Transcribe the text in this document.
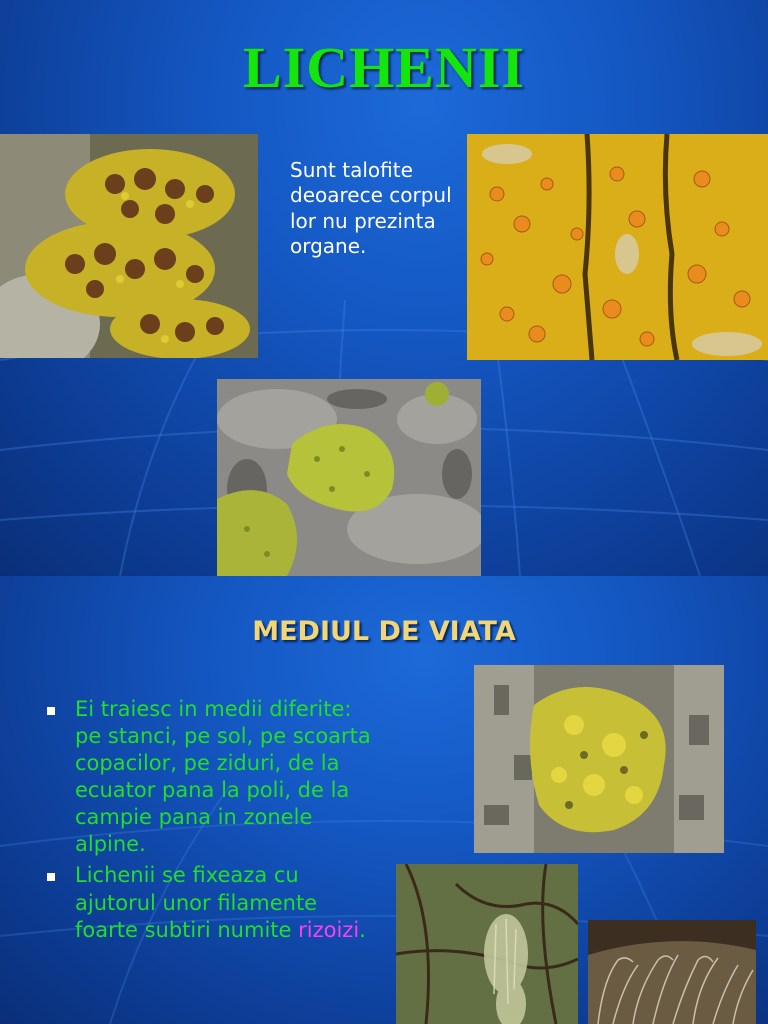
LICHENII

Sunt talofite deoarece corpul lor nu prezinta organe.

MEDIUL DE VIATA
Ei traiesc in medii diferite: pe stanci, pe sol, pe scoarta copacilor, pe ziduri, de la ecuator pana la poli, de la campie pana in zonele alpine.
Lichenii se fixeaza cu ajutorul unor filamente foarte subtiri numite rizoizi.
